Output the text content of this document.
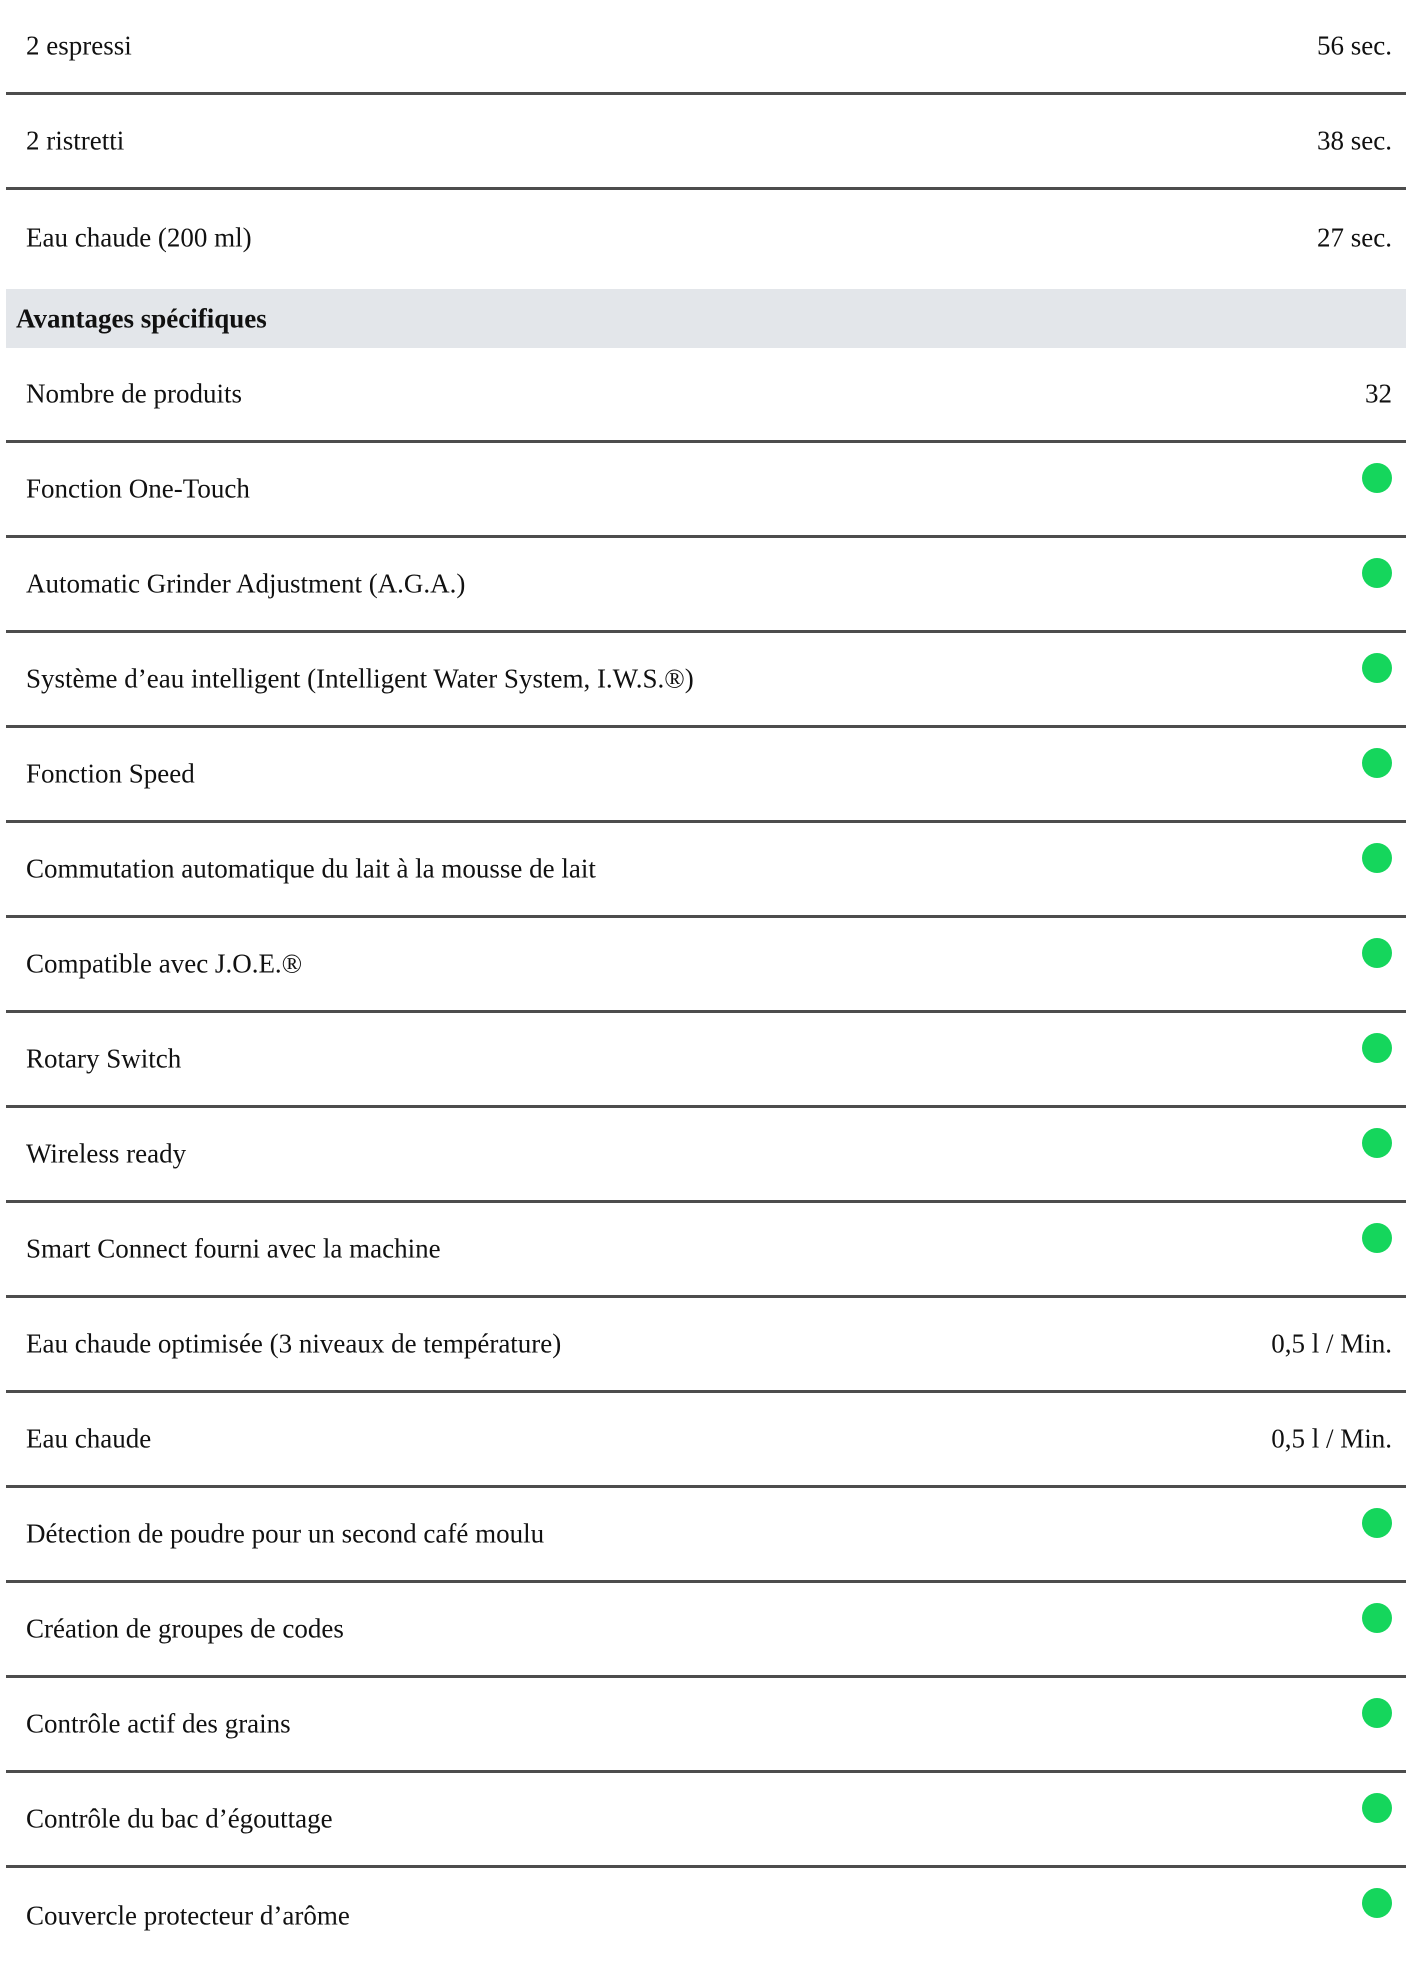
2 espressi	56 sec.
2 ristretti	38 sec.
Eau chaude (200 ml)	27 sec.
Avantages spécifiques
Nombre de produits	32
Fonction One-Touch
Automatic Grinder Adjustment (A.G.A.)
Système d’eau intelligent (Intelligent Water System, I.W.S.®)
Fonction Speed
Commutation automatique du lait à la mousse de lait
Compatible avec J.O.E.®
Rotary Switch
Wireless ready
Smart Connect fourni avec la machine
Eau chaude optimisée (3 niveaux de température)	0,5 l / Min.
Eau chaude	0,5 l / Min.
Détection de poudre pour un second café moulu
Création de groupes de codes
Contrôle actif des grains
Contrôle du bac d’égouttage
Couvercle protecteur d’arôme
